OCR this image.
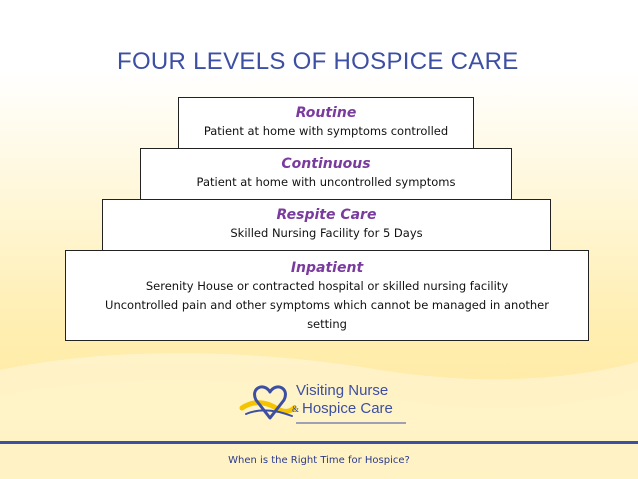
FOUR LEVELS OF HOSPICE CARE
Routine
Patient at home with symptoms controlled
Continuous
Patient at home with uncontrolled symptoms
Respite Care
Skilled Nursing Facility for 5 Days
Inpatient
Serenity House or contracted hospital or skilled nursing facility
Uncontrolled pain and other symptoms which cannot be managed in another
setting
Visiting Nurse
& Hospice Care
When is the Right Time for Hospice?
